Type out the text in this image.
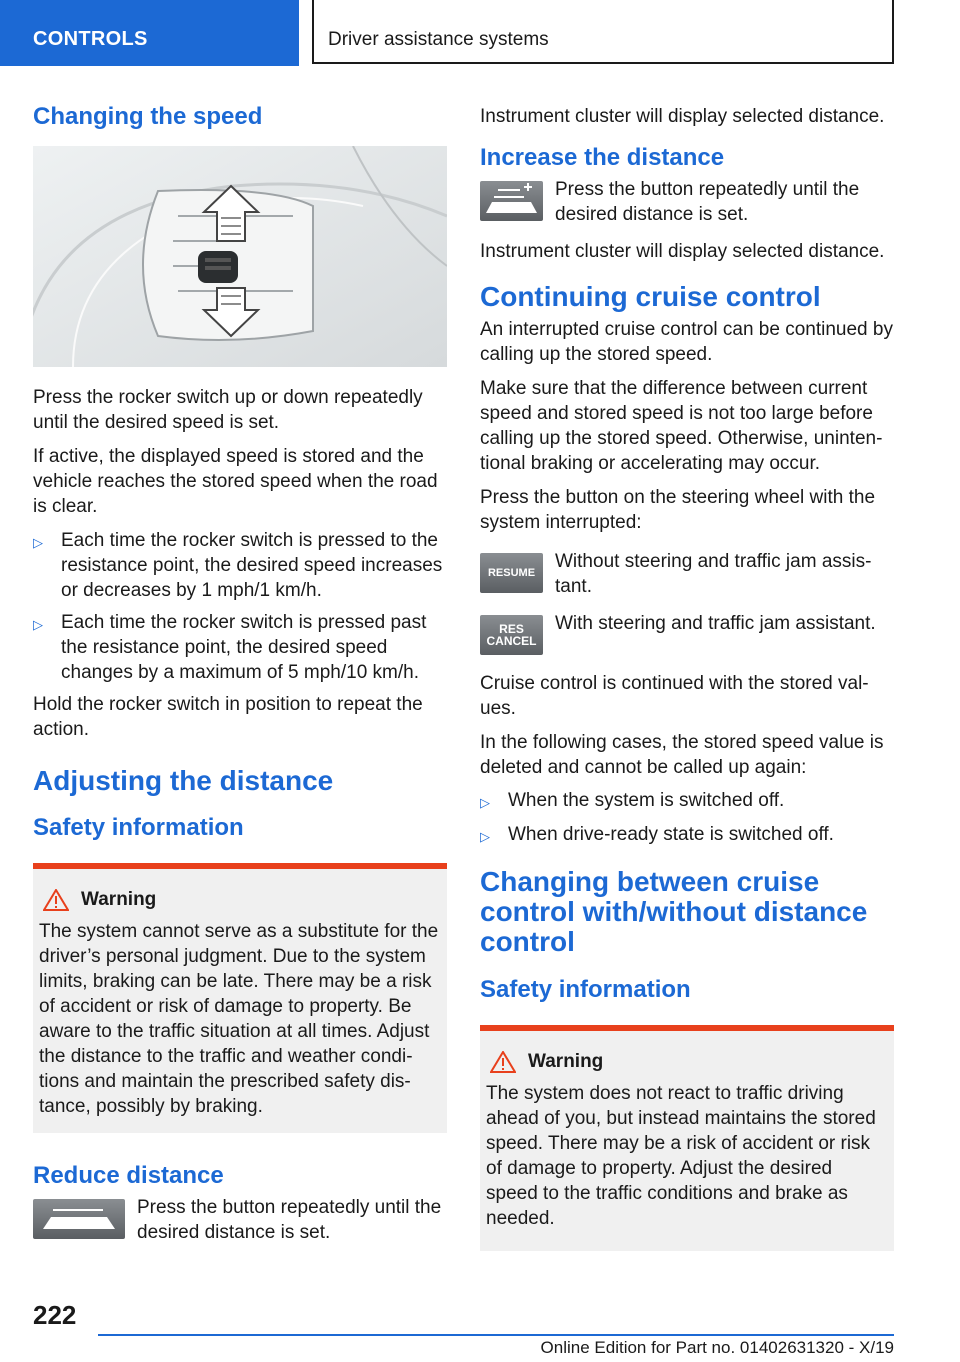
CONTROLS	Driver assistance systems
Changing the speed

Press the rocker switch up or down repeatedly until the desired speed is set.

If active, the displayed speed is stored and the vehicle reaches the stored speed when the road is clear.

▷ Each time the rocker switch is pressed to the resistance point, the desired speed increases or decreases by 1 mph/1 km/h.
▷ Each time the rocker switch is pressed past the resistance point, the desired speed changes by a maximum of 5 mph/10 km/h.

Hold the rocker switch in position to repeat the action.

Adjusting the distance
Safety information
Warning

The system cannot serve as a substitute for the driver’s personal judgment. Due to the system limits, braking can be late. There may be a risk of accident or risk of damage to property. Be aware to the traffic situation at all times. Adjust the distance to the traffic and weather condi-tions and maintain the prescribed safety dis-tance, possibly by braking.

Reduce distance
Press the button repeatedly until the desired distance is set.

Instrument cluster will display selected distance.

Increase the distance
Press the button repeatedly until the desired distance is set.

Instrument cluster will display selected distance.

Continuing cruise control

An interrupted cruise control can be continued by calling up the stored speed.

Make sure that the difference between current speed and stored speed is not too large before calling up the stored speed. Otherwise, uninten-tional braking or accelerating may occur.

Press the button on the steering wheel with the system interrupted:

RESUME
Without steering and traffic jam assis-tant.
RES
CANCEL
With steering and traffic jam assistant.

Cruise control is continued with the stored val-ues.

In the following cases, the stored speed value is deleted and cannot be called up again:

▷ When the system is switched off.
▷ When drive-ready state is switched off.
Changing between cruise control with/without distance control
Safety information
Warning

The system does not react to traffic driving ahead of you, but instead maintains the stored speed. There may be a risk of accident or risk of damage to property. Adjust the desired speed to the traffic conditions and brake as needed.

222
Online Edition for Part no. 01402631320 - X/19
